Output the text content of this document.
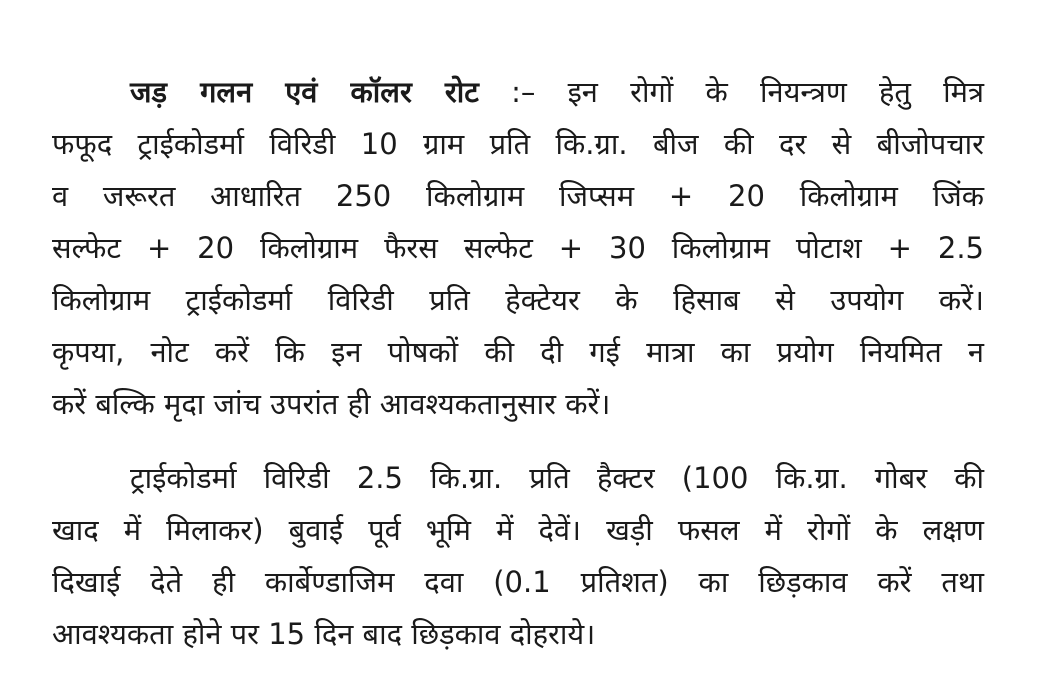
जड़ गलन एवं कॉलर रोट :– इन रोगों के नियन्त्रण हेतु मित्र
फफूद ट्राईकोडर्मा विरिडी 10 ग्राम प्रति कि.ग्रा. बीज की दर से बीजोपचार
व जरूरत आधारित 250 किलोग्राम जिप्सम + 20 किलोग्राम जिंक
सल्फेट + 20 किलोग्राम फैरस सल्फेट + 30 किलोग्राम पोटाश + 2.5
किलोग्राम ट्राईकोडर्मा विरिडी प्रति हेक्टेयर के हिसाब से उपयोग करें।
कृपया, नोट करें कि इन पोषकों की दी गई मात्रा का प्रयोग नियमित न
करें बल्कि मृदा जांच उपरांत ही आवश्यकतानुसार करें।

ट्राईकोडर्मा विरिडी 2.5 कि.ग्रा. प्रति हैक्टर (100 कि.ग्रा. गोबर की
खाद में मिलाकर) बुवाई पूर्व भूमि में देवें। खड़ी फसल में रोगों के लक्षण
दिखाई देते ही कार्बेण्डाजिम दवा (0.1 प्रतिशत) का छिड़काव करें तथा
आवश्यकता होने पर 15 दिन बाद छिड़काव दोहराये।
